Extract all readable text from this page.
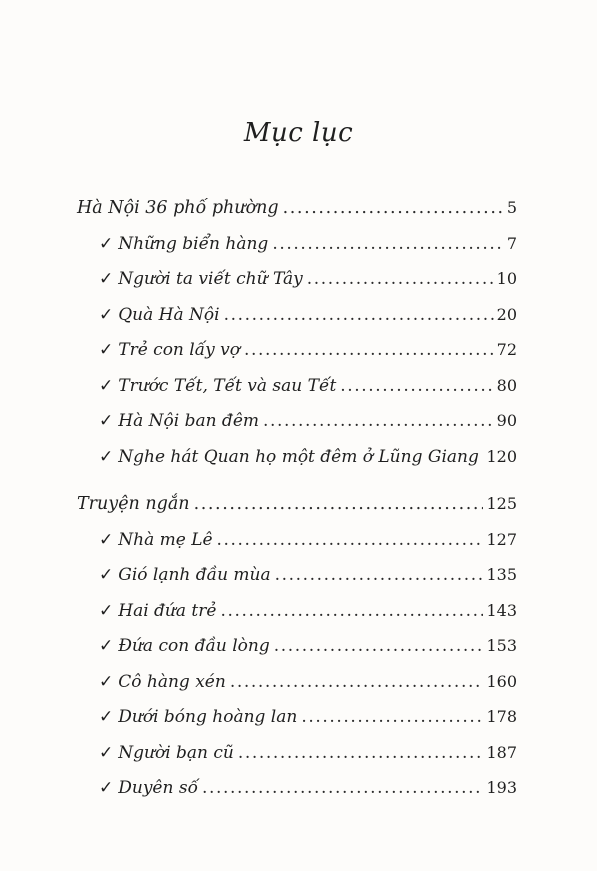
Mục lục
Hà Nội 36 phố phường .....	5
✓ Những biển hàng .....	7
✓ Người ta viết chữ Tây .....	10
✓ Quà Hà Nội .....	20
✓ Trẻ con lấy vợ .....	72
✓ Trước Tết, Tết và sau Tết .....	80
✓ Hà Nội ban đêm .....	90
✓ Nghe hát Quan họ một đêm ở Lũng Giang ..... 120
Truyện ngắn .....	125
✓ Nhà mẹ Lê .....	127
✓ Gió lạnh đầu mùa .....	135
✓ Hai đứa trẻ .....	143
✓ Đứa con đầu lòng .....	153
✓ Cô hàng xén .....	160
✓ Dưới bóng hoàng lan .....	178
✓ Người bạn cũ .....	187
✓ Duyên số .....	193
